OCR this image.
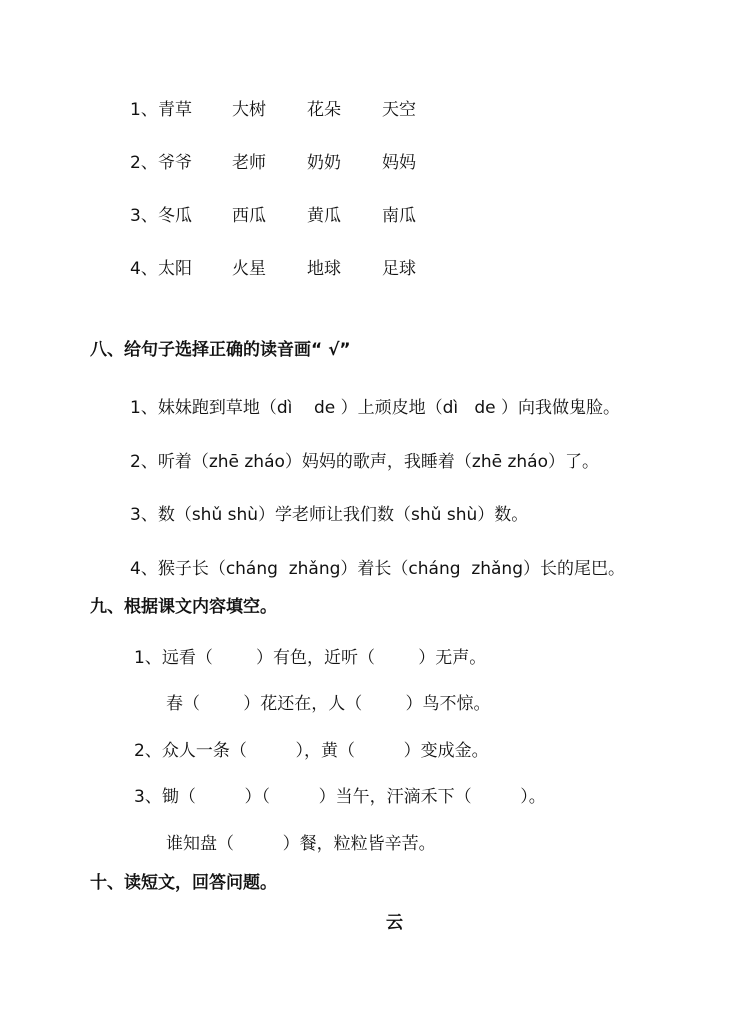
1、 青草 大树 花朵 天空
2、 爷爷 老师 奶奶 妈妈
3、 冬瓜 西瓜 黄瓜 南瓜
4、 太阳 火星 地球 足球
八、给句子选择正确的读音画“ √”
1、妹妹跑到草地（dì    de ）上顽皮地（dì   de ）向我做鬼脸。
2、听着（zhē zháo）妈妈的歌声，我睡着（zhē zháo）了。
3、数（shǔ shù）学老师让我们数（shǔ shù）数。
4、猴子长（cháng  zhǎng）着长（cháng  zhǎng）长的尾巴。
九、根据课文内容填空。
1、远看（        ）有色，近听（        ）无声。
春（        ）花还在，人（        ）鸟不惊。
2、众人一条（         ），黄（         ）变成金。
3、锄（         ）（         ）当午，汗滴禾下（         ）。
谁知盘（         ）餐，粒粒皆辛苦。
十、读短文，回答问题。
云
